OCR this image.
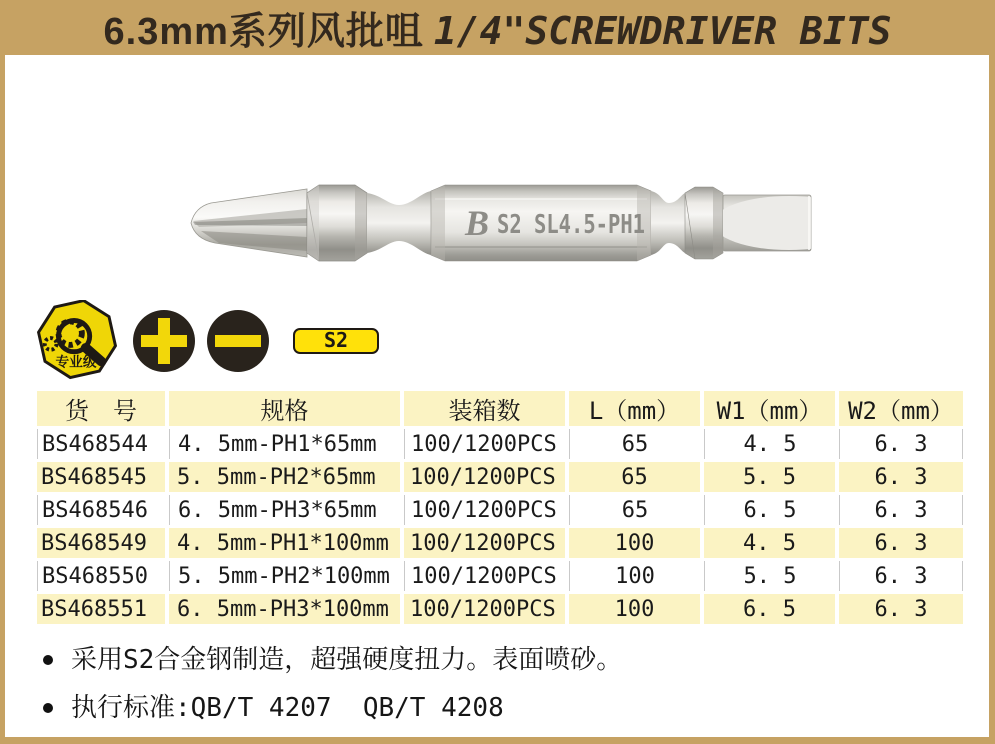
6.3mm系列风批咀 1/4"SCREWDRIVER BITS
B S2 SL4.5-PH1
专业级
S2
货　号	规格	装箱数	L（mm）	W1（mm）	W2（mm）
BS468544	4. 5mm-PH1*65mm	100/1200PCS	65	4. 5	6. 3
BS468545	5. 5mm-PH2*65mm	100/1200PCS	65	5. 5	6. 3
BS468546	6. 5mm-PH3*65mm	100/1200PCS	65	6. 5	6. 3
BS468549	4. 5mm-PH1*100mm	100/1200PCS	100	4. 5	6. 3
BS468550	5. 5mm-PH2*100mm	100/1200PCS	100	5. 5	6. 3
BS468551	6. 5mm-PH3*100mm	100/1200PCS	100	6. 5	6. 3
采用S2合金钢制造，超强硬度扭力。表面喷砂。
执行标准:QB/T 4207  QB/T 4208
